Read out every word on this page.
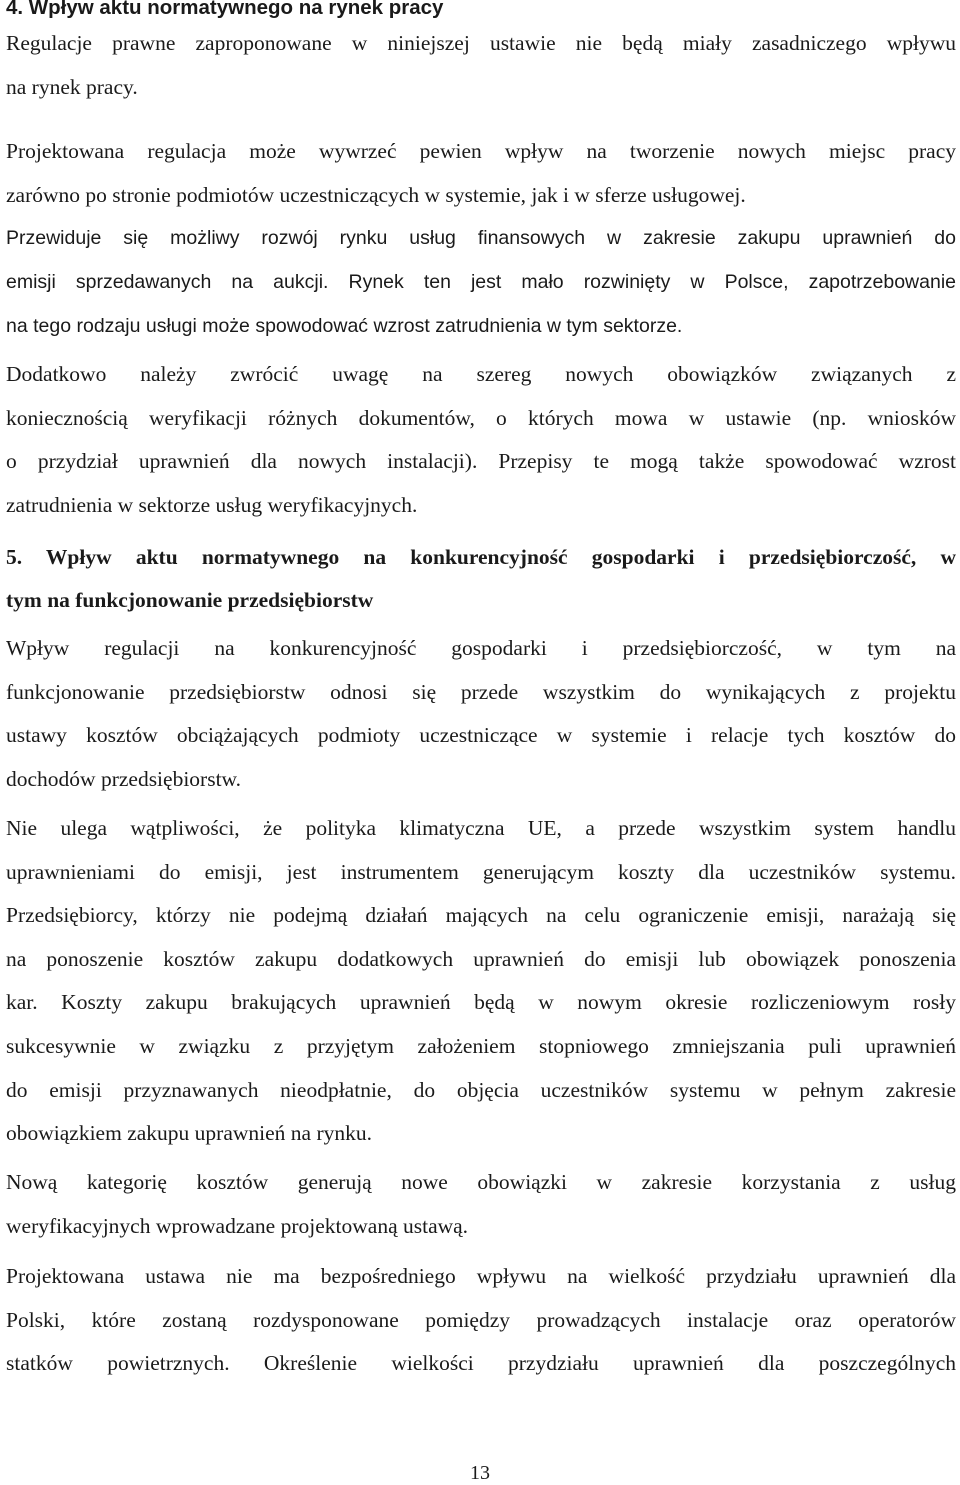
4. Wpływ aktu normatywnego na rynek pracy

Regulacje prawne zaproponowane w niniejszej ustawie nie będą miały zasadniczego wpływu
na rynek pracy.

Projektowana regulacja może wywrzeć pewien wpływ na tworzenie nowych miejsc pracy
zarówno po stronie podmiotów uczestniczących w systemie, jak i w sferze usługowej.

Przewiduje się możliwy rozwój rynku usług finansowych w zakresie zakupu uprawnień do
emisji sprzedawanych na aukcji. Rynek ten jest mało rozwinięty w Polsce, zapotrzebowanie
na tego rodzaju usługi może spowodować wzrost zatrudnienia w tym sektorze.

Dodatkowo należy zwrócić uwagę na szereg nowych obowiązków związanych z
koniecznością weryfikacji różnych dokumentów, o których mowa w ustawie (np. wniosków
o przydział uprawnień dla nowych instalacji). Przepisy te mogą także spowodować wzrost
zatrudnienia w sektorze usług weryfikacyjnych.

5. Wpływ aktu normatywnego na konkurencyjność gospodarki i przedsiębiorczość, w
tym na funkcjonowanie przedsiębiorstw

Wpływ regulacji na konkurencyjność gospodarki i przedsiębiorczość, w tym na
funkcjonowanie przedsiębiorstw odnosi się przede wszystkim do wynikających z projektu
ustawy kosztów obciążających podmioty uczestniczące w systemie i relacje tych kosztów do
dochodów przedsiębiorstw.

Nie ulega wątpliwości, że polityka klimatyczna UE, a przede wszystkim system handlu
uprawnieniami do emisji, jest instrumentem generującym koszty dla uczestników systemu.
Przedsiębiorcy, którzy nie podejmą działań mających na celu ograniczenie emisji, narażają się
na ponoszenie kosztów zakupu dodatkowych uprawnień do emisji lub obowiązek ponoszenia
kar. Koszty zakupu brakujących uprawnień będą w nowym okresie rozliczeniowym rosły
sukcesywnie w związku z przyjętym założeniem stopniowego zmniejszania puli uprawnień
do emisji przyznawanych nieodpłatnie, do objęcia uczestników systemu w pełnym zakresie
obowiązkiem zakupu uprawnień na rynku.

Nową kategorię kosztów generują nowe obowiązki w zakresie korzystania z usług
weryfikacyjnych wprowadzane projektowaną ustawą.

Projektowana ustawa nie ma bezpośredniego wpływu na wielkość przydziału uprawnień dla
Polski, które zostaną rozdysponowane pomiędzy prowadzących instalacje oraz operatorów
statków powietrznych. Określenie wielkości przydziału uprawnień dla poszczególnych

13
